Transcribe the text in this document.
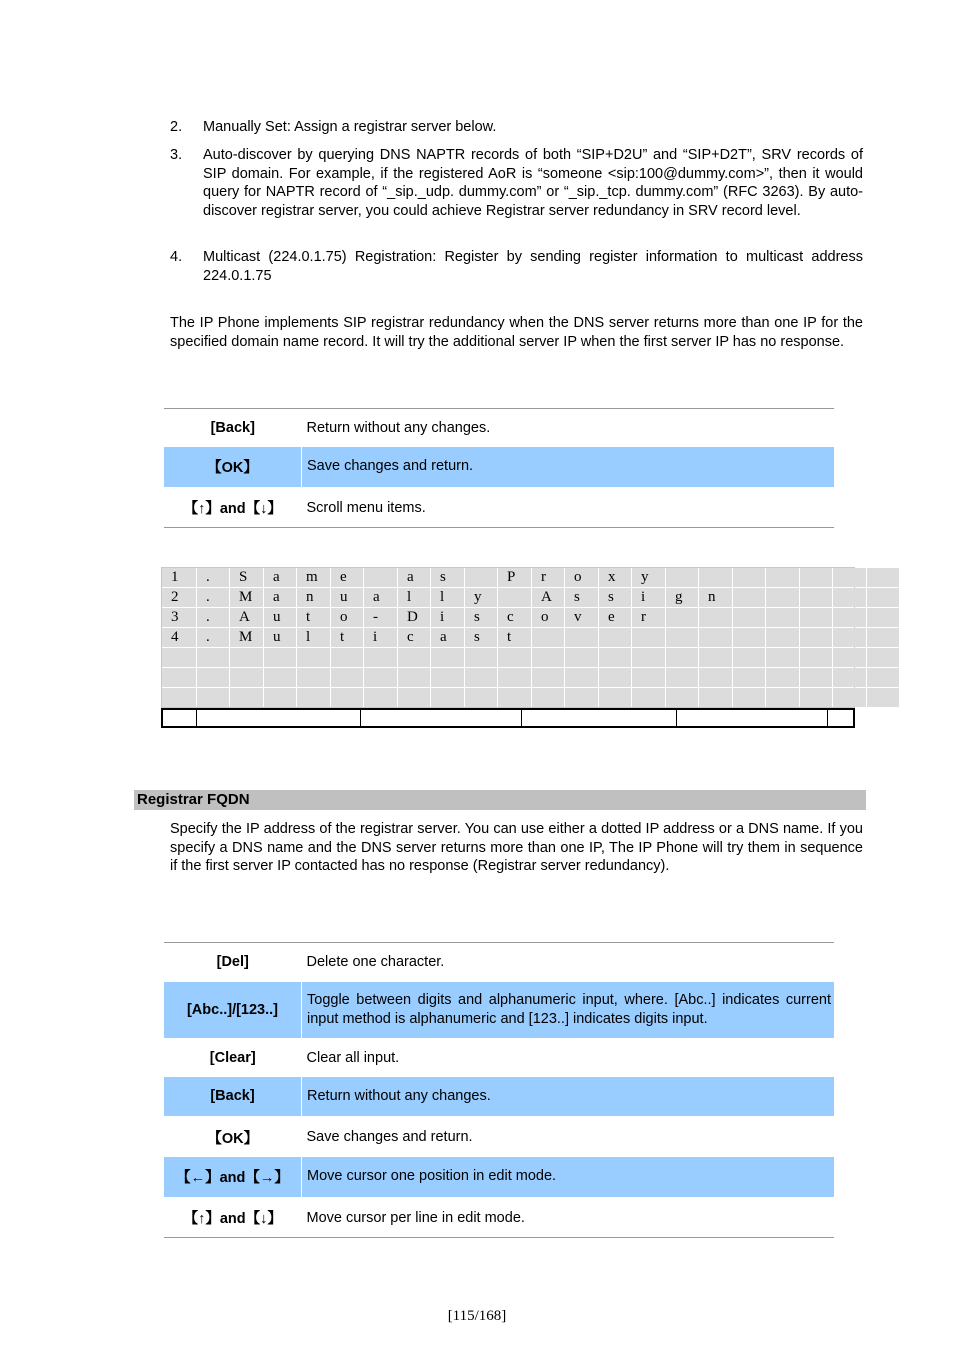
2. Manually Set: Assign a registrar server below.
3. Auto-discover by querying DNS NAPTR records of both “SIP+D2U” and “SIP+D2T”, SRV records of SIP domain. For example, if the registered AoR is “someone <sip:100@dummy.com>”, then it would query for NAPTR record of “_sip._udp. dummy.com” or “_sip._tcp. dummy.com” (RFC 3263). By auto-discover registrar server, you could achieve Registrar server redundancy in SRV record level.
4. Multicast (224.0.1.75) Registration: Register by sending register information to multicast address 224.0.1.75
The IP Phone implements SIP registrar redundancy when the DNS server returns more than one IP for the specified domain name record. It will try the additional server IP when the first server IP has no response.
[Back]	Return without any changes.
【OK】	Save changes and return.
【↑】and【↓】	Scroll menu items.
1	.	S	a	m	e	a	s	P	r	o	x	y
2	.	M	a	n	u	a	l	l	y	A	s	s	i	g	n
3	.	A	u	t	o	-	D	i	s	c	o	v	e	r
4	.	M	u	l	t	i	c	a	s	t
Registrar FQDN
Specify the IP address of the registrar server. You can use either a dotted IP address or a DNS name. If you specify a DNS name and the DNS server returns more than one IP, The IP Phone will try them in sequence if the first server IP contacted has no response (Registrar server redundancy).
[Del]	Delete one character.
[Abc..]/[123..]	Toggle between digits and alphanumeric input, where. [Abc..] indicates current input method is alphanumeric and [123..] indicates digits input.
[Clear]	Clear all input.
[Back]	Return without any changes.
【OK】	Save changes and return.
【←】and【→】	Move cursor one position in edit mode.
【↑】and【↓】	Move cursor per line in edit mode.
[115/168]
